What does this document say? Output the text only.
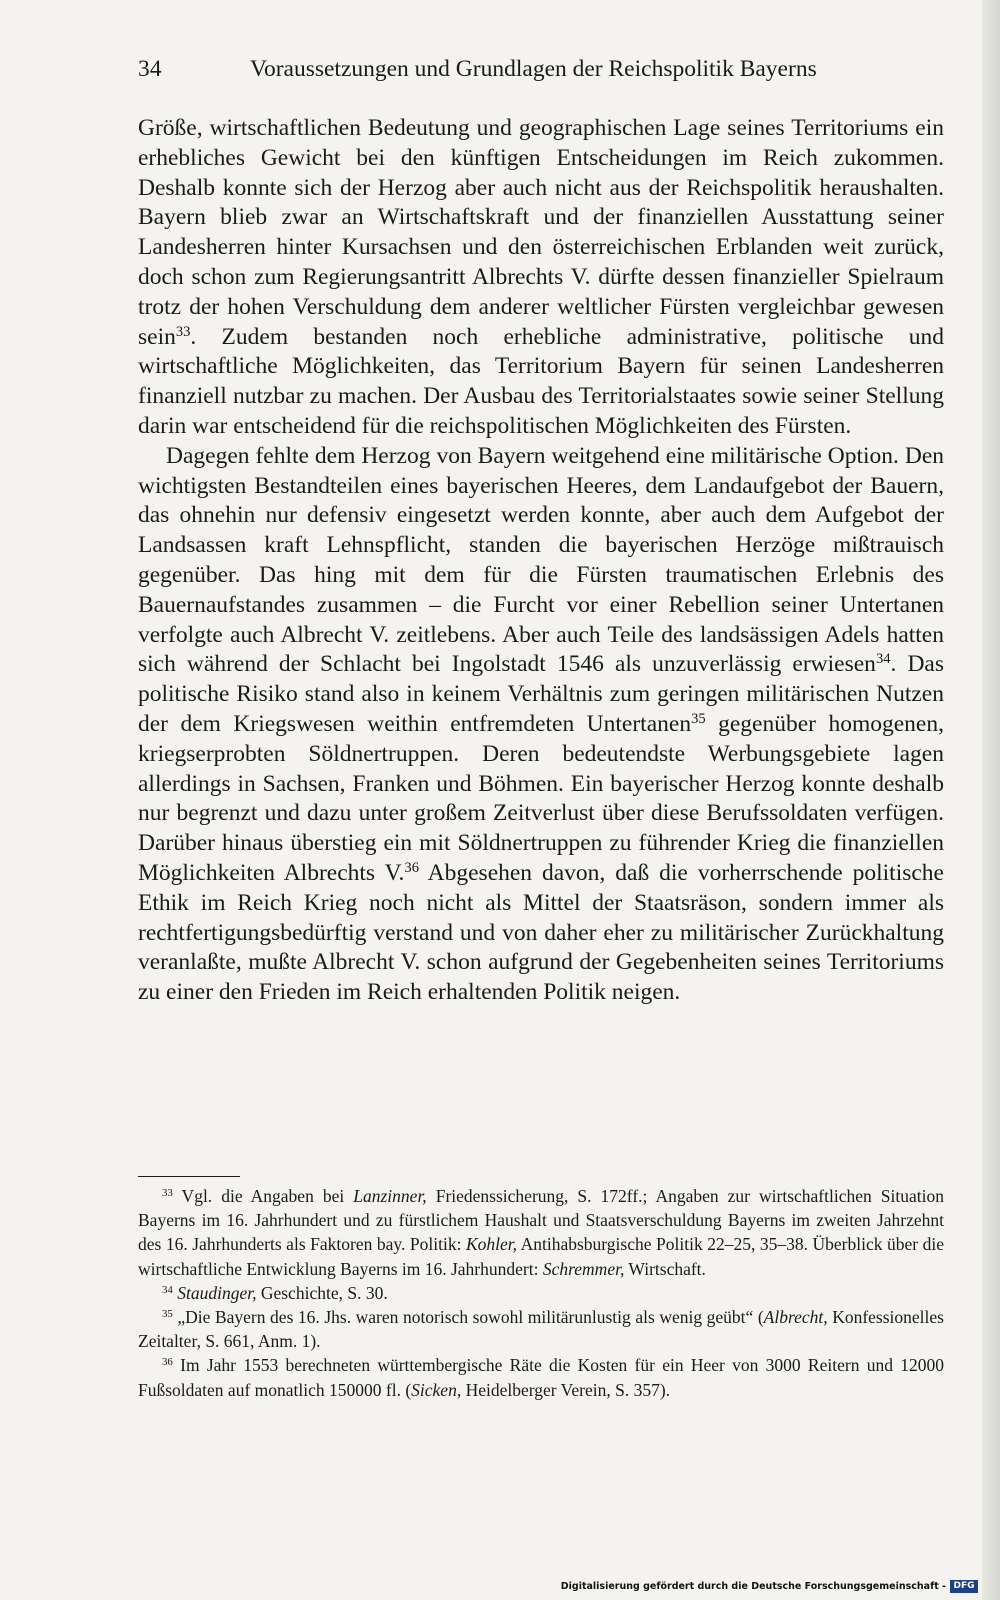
34	Voraussetzungen und Grundlagen der Reichspolitik Bayerns

Größe, wirtschaftlichen Bedeutung und geographischen Lage seines Territoriums ein erhebliches Gewicht bei den künftigen Entscheidungen im Reich zukommen. Deshalb konnte sich der Herzog aber auch nicht aus der Reichspolitik heraushalten. Bayern blieb zwar an Wirtschaftskraft und der finanziellen Ausstattung seiner Landesherren hinter Kursachsen und den österreichischen Erblanden weit zurück, doch schon zum Regierungsantritt Albrechts V. dürfte dessen finanzieller Spielraum trotz der hohen Verschuldung dem anderer weltlicher Fürsten vergleichbar gewesen sein$^{33}$. Zudem bestanden noch erhebliche administrative, politische und wirtschaftliche Möglichkeiten, das Territorium Bayern für seinen Landesherren finanziell nutzbar zu machen. Der Ausbau des Territorialstaates sowie seiner Stellung darin war entscheidend für die reichspolitischen Möglichkeiten des Fürsten.

Dagegen fehlte dem Herzog von Bayern weitgehend eine militärische Option. Den wichtigsten Bestandteilen eines bayerischen Heeres, dem Landaufgebot der Bauern, das ohnehin nur defensiv eingesetzt werden konnte, aber auch dem Aufgebot der Landsassen kraft Lehnspflicht, standen die bayerischen Herzöge mißtrauisch gegenüber. Das hing mit dem für die Fürsten traumatischen Erlebnis des Bauernaufstandes zusammen – die Furcht vor einer Rebellion seiner Untertanen verfolgte auch Albrecht V. zeitlebens. Aber auch Teile des landsässigen Adels hatten sich während der Schlacht bei Ingolstadt 1546 als unzuverlässig erwiesen$^{34}$. Das politische Risiko stand also in keinem Verhältnis zum geringen militärischen Nutzen der dem Kriegswesen weithin entfremdeten Untertanen$^{35}$ gegenüber homogenen, kriegserprobten Söldnertruppen. Deren bedeutendste Werbungsgebiete lagen allerdings in Sachsen, Franken und Böhmen. Ein bayerischer Herzog konnte deshalb nur begrenzt und dazu unter großem Zeitverlust über diese Berufssoldaten verfügen. Darüber hinaus überstieg ein mit Söldnertruppen zu führender Krieg die finanziellen Möglichkeiten Albrechts V.$^{36}$ Abgesehen davon, daß die vorherrschende politische Ethik im Reich Krieg noch nicht als Mittel der Staatsräson, sondern immer als rechtfertigungsbedürftig verstand und von daher eher zu militärischer Zurückhaltung veranlaßte, mußte Albrecht V. schon aufgrund der Gegebenheiten seines Territoriums zu einer den Frieden im Reich erhaltenden Politik neigen.

$^{33}$ Vgl. die Angaben bei Lanzinner, Friedenssicherung, S. 172ff.; Angaben zur wirtschaftlichen Situation Bayerns im 16. Jahrhundert und zu fürstlichem Haushalt und Staatsverschuldung Bayerns im zweiten Jahrzehnt des 16. Jahrhunderts als Faktoren bay. Politik: Kohler, Antihabsburgische Politik 22–25, 35–38. Überblick über die wirtschaftliche Entwicklung Bayerns im 16. Jahrhundert: Schremmer, Wirtschaft.

$^{34}$ Staudinger, Geschichte, S. 30.

$^{35}$ „Die Bayern des 16. Jhs. waren notorisch sowohl militärunlustig als wenig geübt“ (Albrecht, Konfessionelles Zeitalter, S. 661, Anm. 1).

$^{36}$ Im Jahr 1553 berechneten württembergische Räte die Kosten für ein Heer von 3000 Reitern und 12000 Fußsoldaten auf monatlich 150000 fl. (Sicken, Heidelberger Verein, S. 357).

Digitalisierung gefördert durch die Deutsche Forschungsgemeinschaft - DFG
